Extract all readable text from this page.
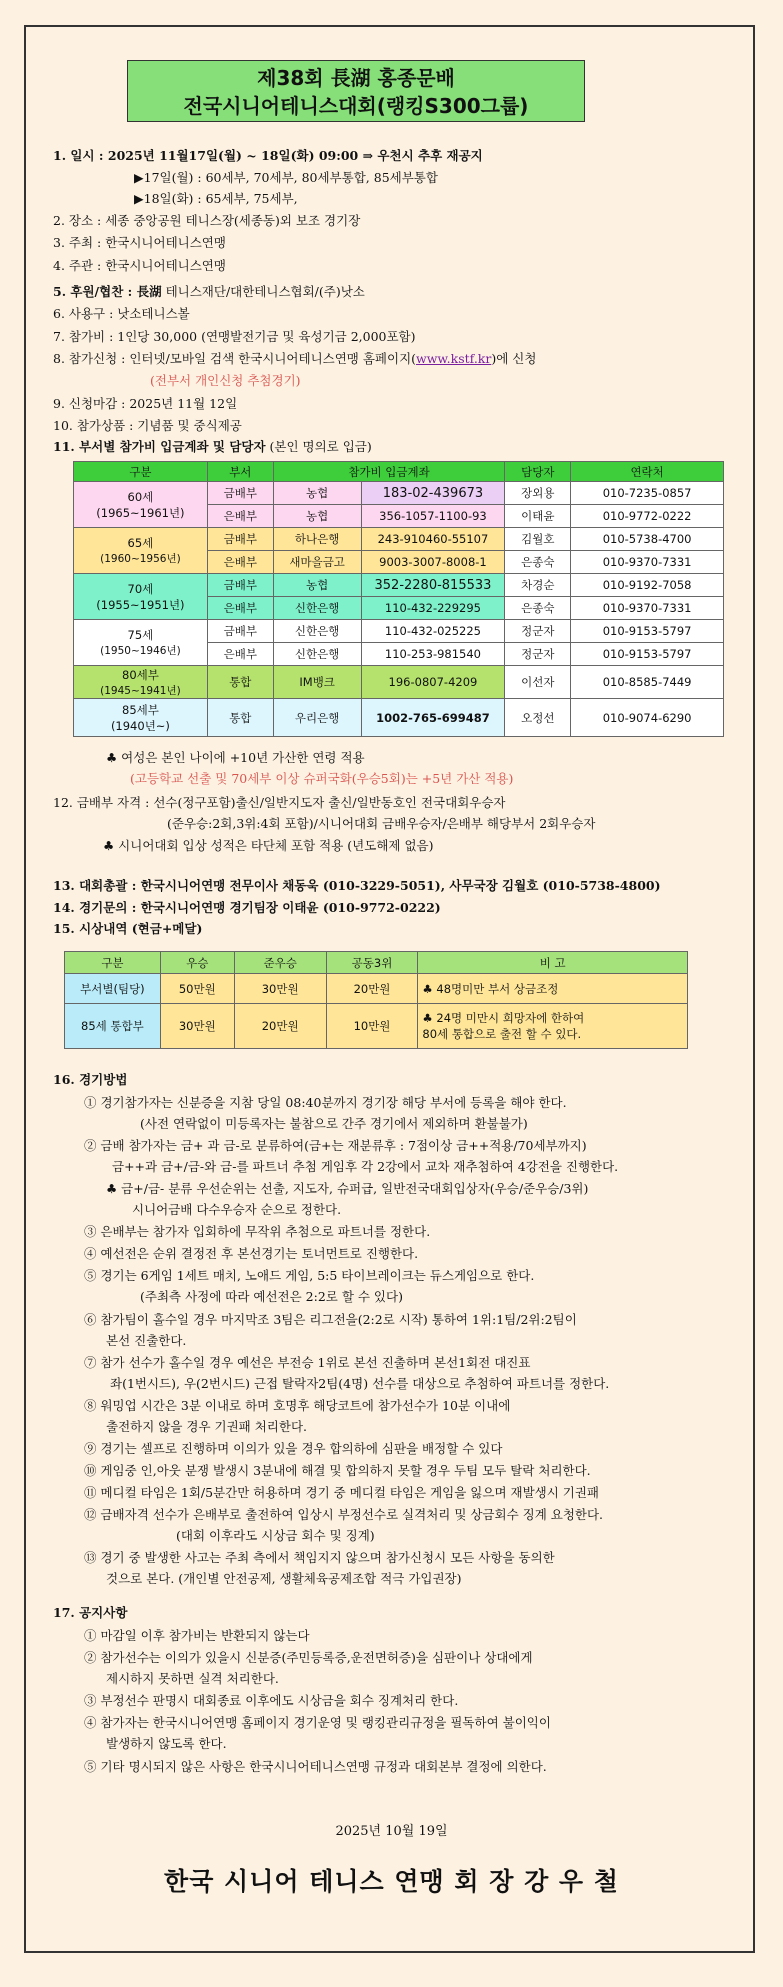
제38회 長湖 홍종문배
전국시니어테니스대회(랭킹S300그룹)
1. 일시 : 2025년 11월17일(월) ~ 18일(화) 09:00 ⇒ 우천시 추후 재공지
▶17일(월) : 60세부, 70세부, 80세부통합, 85세부통합
▶18일(화) : 65세부, 75세부,
2. 장소 : 세종 중앙공원 테니스장(세종동)외 보조 경기장
3. 주최 : 한국시니어테니스연맹
4. 주관 : 한국시니어테니스연맹
5. 후원/협찬 : 長湖 테니스재단/대한테니스협회/(주)낫소
6. 사용구 : 낫소테니스볼
7. 참가비 : 1인당 30,000 (연맹발전기금 및 육성기금 2,000포함)
8. 참가신청 : 인터넷/모바일 검색 한국시니어테니스연맹 홈페이지(www.kstf.kr)에 신청
(전부서 개인신청 추첨경기)
9. 신청마감 : 2025년 11월 12일
10. 참가상품 : 기념품 및 중식제공
11. 부서별 참가비 입금계좌 및 담당자 (본인 명의로 입금)
구분	부서	참가비 입금계좌		담당자	연락처
60세
(1965~1961년)	금배부	농협	183-02-439673	장외용	010-7235-0857
	은배부	농협	356-1057-1100-93	이태윤	010-9772-0222
65세
(1960~1956년)	금배부	하나은행	243-910460-55107	김월호	010-5738-4700
	은배부	새마을금고	9003-3007-8008-1	은종숙	010-9370-7331
70세
(1955~1951년)	금배부	농협	352-2280-815533	차경순	010-9192-7058
	은배부	신한은행	110-432-229295	은종숙	010-9370-7331
75세
(1950~1946년)	금배부	신한은행	110-432-025225	정군자	010-9153-5797
	은배부	신한은행	110-253-981540	정군자	010-9153-5797
80세부
(1945~1941년)	통합	IM뱅크	196-0807-4209	이선자	010-8585-7449
85세부
(1940년~)	통합	우리은행	1002-765-699487	오정선	010-9074-6290
♣ 여성은 본인 나이에 +10년 가산한 연령 적용
(고등학교 선출 및 70세부 이상 슈퍼국화(우승5회)는 +5년 가산 적용)
12. 금배부 자격 : 선수(정구포함)출신/일반지도자 출신/일반동호인 전국대회우승자
(준우승:2회,3위:4회 포함)/시니어대회 금배우승자/은배부 해당부서 2회우승자
♣ 시니어대회 입상 성적은 타단체 포함 적용 (년도해제 없음)
13. 대회총괄 : 한국시니어연맹 전무이사 채동욱 (010-3229-5051), 사무국장 김월호 (010-5738-4800)
14. 경기문의 : 한국시니어연맹 경기팀장 이태윤 (010-9772-0222)
15. 시상내역 (현금+메달)
구분	우승	준우승	공동3위	비 고
부서별(팀당)	50만원	30만원	20만원	♣ 48명미만 부서 상금조정
85세 통합부	30만원	20만원	10만원	♣ 24명 미만시 희망자에 한하여
80세 통합으로 출전 할 수 있다.
16. 경기방법
① 경기참가자는 신분증을 지참 당일 08:40분까지 경기장 해당 부서에 등록을 해야 한다.
(사전 연락없이 미등록자는 불참으로 간주 경기에서 제외하며 환불불가)
② 금배 참가자는 금+ 과 금-로 분류하여(금+는 재분류후 : 7점이상 금++적용/70세부까지)
금++과 금+/금-와 금-를 파트너 추첨 게임후 각 2강에서 교차 재추첨하여 4강전을 진행한다.
♣ 금+/금- 분류 우선순위는 선출, 지도자, 슈퍼급, 일반전국대회입상자(우승/준우승/3위)
시니어금배 다수우승자 순으로 정한다.
③ 은배부는 참가자 입회하에 무작위 추첨으로 파트너를 정한다.
④ 예선전은 순위 결정전 후 본선경기는 토너먼트로 진행한다.
⑤ 경기는 6게임 1세트 매치, 노애드 게임, 5:5 타이브레이크는 듀스게임으로 한다.
(주최측 사정에 따라 예선전은 2:2로 할 수 있다)
⑥ 참가팀이 홀수일 경우 마지막조 3팀은 리그전을(2:2로 시작) 통하여 1위:1팀/2위:2팀이
본선 진출한다.
⑦ 참가 선수가 홀수일 경우 예선은 부전승 1위로 본선 진출하며 본선1회전 대진표
좌(1번시드), 우(2번시드) 근접 탈락자2팀(4명) 선수를 대상으로 추첨하여 파트너를 정한다.
⑧ 워밍업 시간은 3분 이내로 하며 호명후 해당코트에 참가선수가 10분 이내에
출전하지 않을 경우 기권패 처리한다.
⑨ 경기는 셀프로 진행하며 이의가 있을 경우 합의하에 심판을 배정할 수 있다
⑩ 게임중 인,아웃 분쟁 발생시 3분내에 해결 및 합의하지 못할 경우 두팀 모두 탈락 처리한다.
⑪ 메디컬 타임은 1회/5분간만 허용하며 경기 중 메디컬 타임은 게임을 잃으며 재발생시 기권패
⑫ 금배자격 선수가 은배부로 출전하여 입상시 부정선수로 실격처리 및 상금회수 징계 요청한다.
(대회 이후라도 시상금 회수 및 징계)
⑬ 경기 중 발생한 사고는 주최 측에서 책임지지 않으며 참가신청시 모든 사항을 동의한
것으로 본다. (개인별 안전공제, 생활체육공제조합 적극 가입권장)
17. 공지사항
① 마감일 이후 참가비는 반환되지 않는다
② 참가선수는 이의가 있을시 신분증(주민등록증,운전면허증)을 심판이나 상대에게
제시하지 못하면 실격 처리한다.
③ 부정선수 판명시 대회종료 이후에도 시상금을 회수 징계처리 한다.
④ 참가자는 한국시니어연맹 홈페이지 경기운영 및 랭킹관리규정을 필독하여 불이익이
발생하지 않도록 한다.
⑤ 기타 명시되지 않은 사항은 한국시니어테니스연맹 규정과 대회본부 결정에 의한다.
2025년 10월 19일
한국 시니어 테니스 연맹 회 장 강 우 철
